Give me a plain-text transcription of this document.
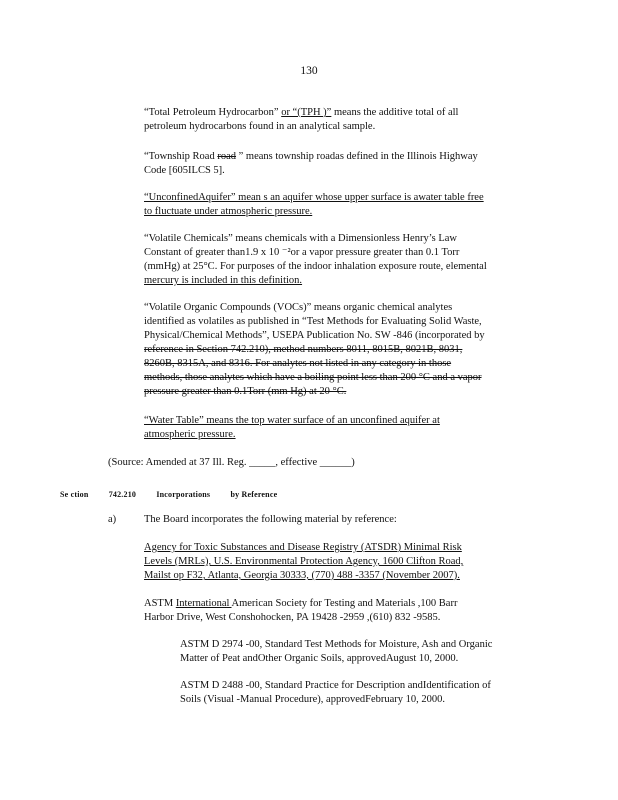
130
“Total Petroleum Hydrocarbon” or “(TPH )” means the additive total of all
petroleum hydrocarbons found in an analytical sample.
“Township Road road ” means township roadas defined in the Illinois Highway
Code [605ILCS 5].
“UnconfinedAquifer” mean s an aquifer whose upper surface is awater table free
to fluctuate under atmospheric pressure.
“Volatile Chemicals” means chemicals with a Dimensionless Henry’s Law
Constant of greater than1.9 x 10 ⁻²or a vapor pressure greater than 0.1 Torr
(mmHg) at 25°C. For purposes of the indoor inhalation exposure route, elemental
mercury is included in this definition.
“Volatile Organic Compounds (VOCs)” means organic chemical analytes
identified as volatiles as published in “Test Methods for Evaluating Solid Waste,
Physical/Chemical Methods”, USEPA Publication No. SW -846 (incorporated by
reference in Section 742.210), method numbers 8011, 8015B, 8021B, 8031,
8260B, 8315A, and 8316. For analytes not listed in any category in those
methods, those analytes which have a boiling point less than 200 °C and a vapor
pressure greater than 0.1Torr (mm Hg) at 20 °C.
“Water Table” means the top water surface of an unconfined aquifer at
atmospheric pressure.
(Source: Amended at 37 Ill. Reg. _____, effective ______)
Se ction	742.210	Incorporations	by Reference
a)	The Board incorporates the following material by reference:
Agency for Toxic Substances and Disease Registry (ATSDR) Minimal Risk
Levels (MRLs), U.S. Environmental Protection Agency, 1600 Clifton Road,
Mailst op F32, Atlanta, Georgia 30333, (770) 488 -3357 (November 2007).
ASTM International American Society for Testing and Materials ,100 Barr
Harbor Drive, West Conshohocken, PA 19428 -2959 ,(610) 832 -9585.
ASTM D 2974 -00, Standard Test Methods for Moisture, Ash and Organic
Matter of Peat andOther Organic Soils, approvedAugust 10, 2000.
ASTM D 2488 -00, Standard Practice for Description andIdentification of
Soils (Visual -Manual Procedure), approvedFebruary 10, 2000.
